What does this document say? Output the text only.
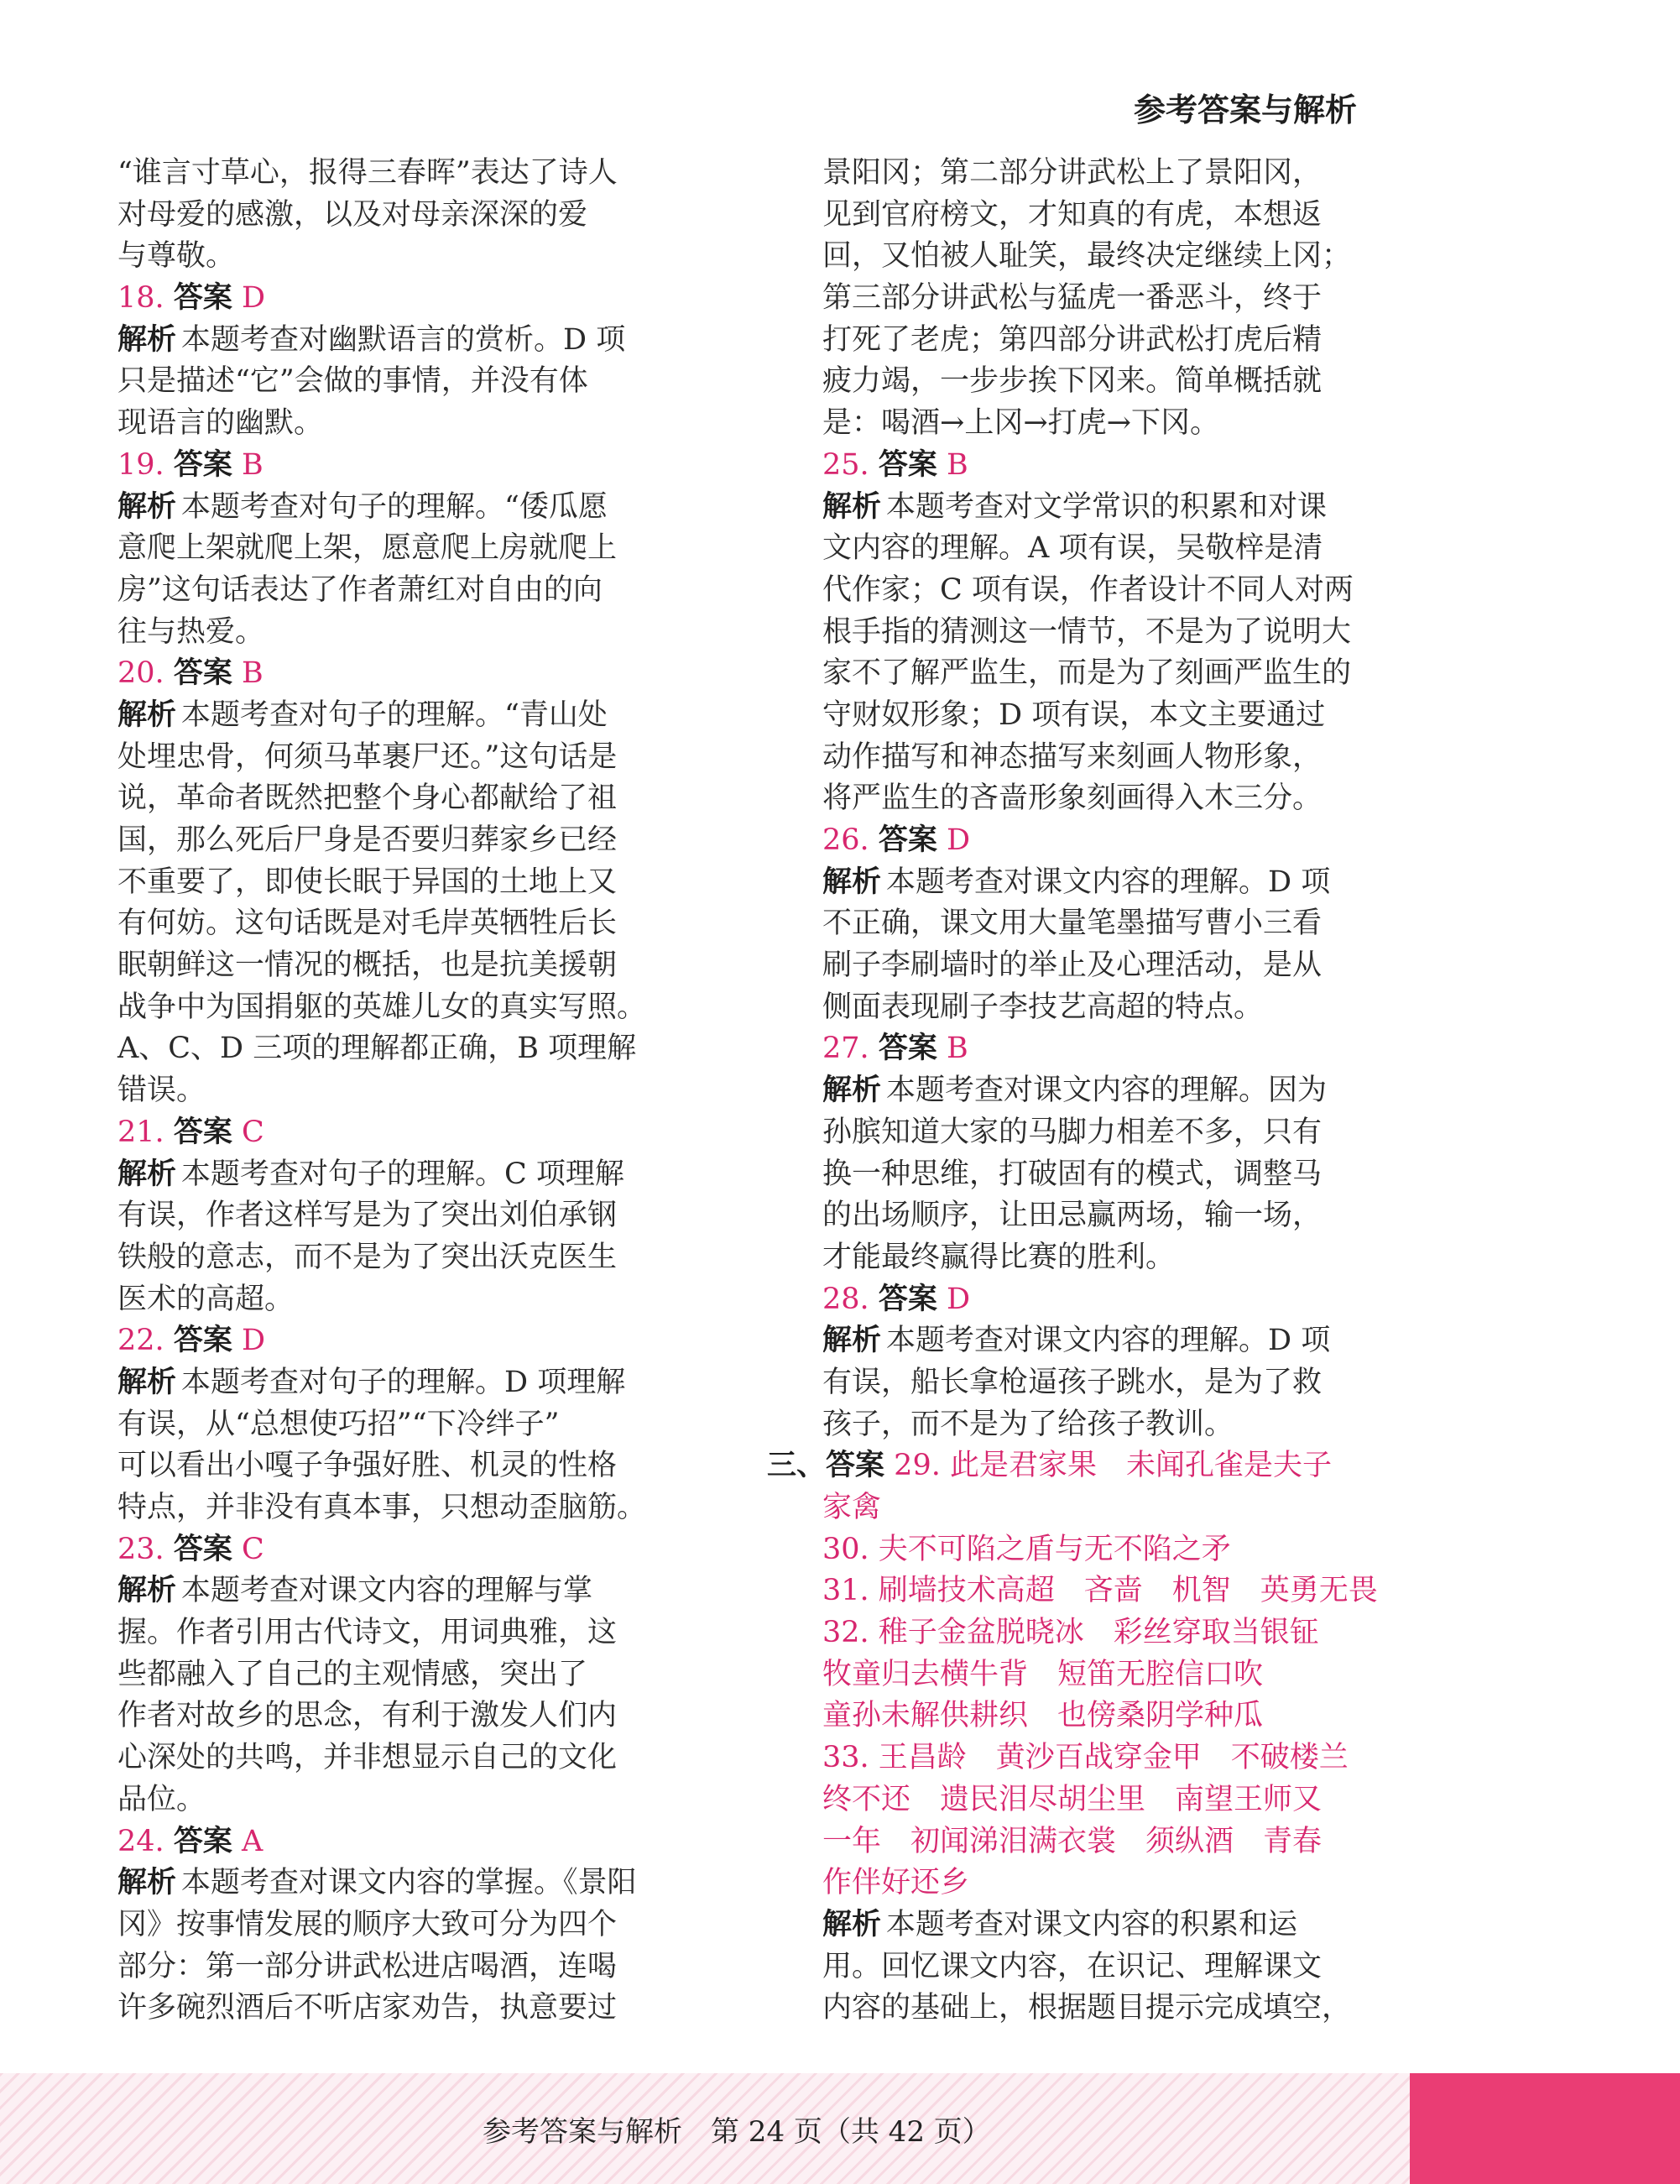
参考答案与解析
“谁言寸草心，报得三春晖”表达了诗人
对母爱的感激，以及对母亲深深的爱
与尊敬。
18. 答案 D
解析 本题考查对幽默语言的赏析。D 项
只是描述“它”会做的事情，并没有体
现语言的幽默。
19. 答案 B
解析 本题考查对句子的理解。“倭瓜愿
意爬上架就爬上架，愿意爬上房就爬上
房”这句话表达了作者萧红对自由的向
往与热爱。
20. 答案 B
解析 本题考查对句子的理解。“青山处
处埋忠骨，何须马革裹尸还。”这句话是
说，革命者既然把整个身心都献给了祖
国，那么死后尸身是否要归葬家乡已经
不重要了，即使长眠于异国的土地上又
有何妨。这句话既是对毛岸英牺牲后长
眠朝鲜这一情况的概括，也是抗美援朝
战争中为国捐躯的英雄儿女的真实写照。
A、C、D 三项的理解都正确，B 项理解
错误。
21. 答案 C
解析 本题考查对句子的理解。C 项理解
有误，作者这样写是为了突出刘伯承钢
铁般的意志，而不是为了突出沃克医生
医术的高超。
22. 答案 D
解析 本题考查对句子的理解。D 项理解
有误，从“总想使巧招”“下冷绊子”
可以看出小嘎子争强好胜、机灵的性格
特点，并非没有真本事，只想动歪脑筋。
23. 答案 C
解析 本题考查对课文内容的理解与掌
握。作者引用古代诗文，用词典雅，这
些都融入了自己的主观情感，突出了
作者对故乡的思念，有利于激发人们内
心深处的共鸣，并非想显示自己的文化
品位。
24. 答案 A
解析 本题考查对课文内容的掌握。《景阳
冈》按事情发展的顺序大致可分为四个
部分：第一部分讲武松进店喝酒，连喝
许多碗烈酒后不听店家劝告，执意要过
景阳冈；第二部分讲武松上了景阳冈，
见到官府榜文，才知真的有虎，本想返
回，又怕被人耻笑，最终决定继续上冈；
第三部分讲武松与猛虎一番恶斗，终于
打死了老虎；第四部分讲武松打虎后精
疲力竭，一步步挨下冈来。简单概括就
是：喝酒→上冈→打虎→下冈。
25. 答案 B
解析 本题考查对文学常识的积累和对课
文内容的理解。A 项有误，吴敬梓是清
代作家；C 项有误，作者设计不同人对两
根手指的猜测这一情节，不是为了说明大
家不了解严监生，而是为了刻画严监生的
守财奴形象；D 项有误，本文主要通过
动作描写和神态描写来刻画人物形象，
将严监生的吝啬形象刻画得入木三分。
26. 答案 D
解析 本题考查对课文内容的理解。D 项
不正确，课文用大量笔墨描写曹小三看
刷子李刷墙时的举止及心理活动，是从
侧面表现刷子李技艺高超的特点。
27. 答案 B
解析 本题考查对课文内容的理解。因为
孙膑知道大家的马脚力相差不多，只有
换一种思维，打破固有的模式，调整马
的出场顺序，让田忌赢两场，输一场，
才能最终赢得比赛的胜利。
28. 答案 D
解析 本题考查对课文内容的理解。D 项
有误，船长拿枪逼孩子跳水，是为了救
孩子，而不是为了给孩子教训。
三、答案 29. 此是君家果　未闻孔雀是夫子
家禽
30. 夫不可陷之盾与无不陷之矛
31. 刷墙技术高超　吝啬　机智　英勇无畏
32. 稚子金盆脱晓冰　彩丝穿取当银钲
牧童归去横牛背　短笛无腔信口吹
童孙未解供耕织　也傍桑阴学种瓜
33. 王昌龄　黄沙百战穿金甲　不破楼兰
终不还　遗民泪尽胡尘里　南望王师又
一年　初闻涕泪满衣裳　须纵酒　青春
作伴好还乡
解析 本题考查对课文内容的积累和运
用。回忆课文内容，在识记、理解课文
内容的基础上，根据题目提示完成填空，
参考答案与解析　第 24 页（共 42 页）
